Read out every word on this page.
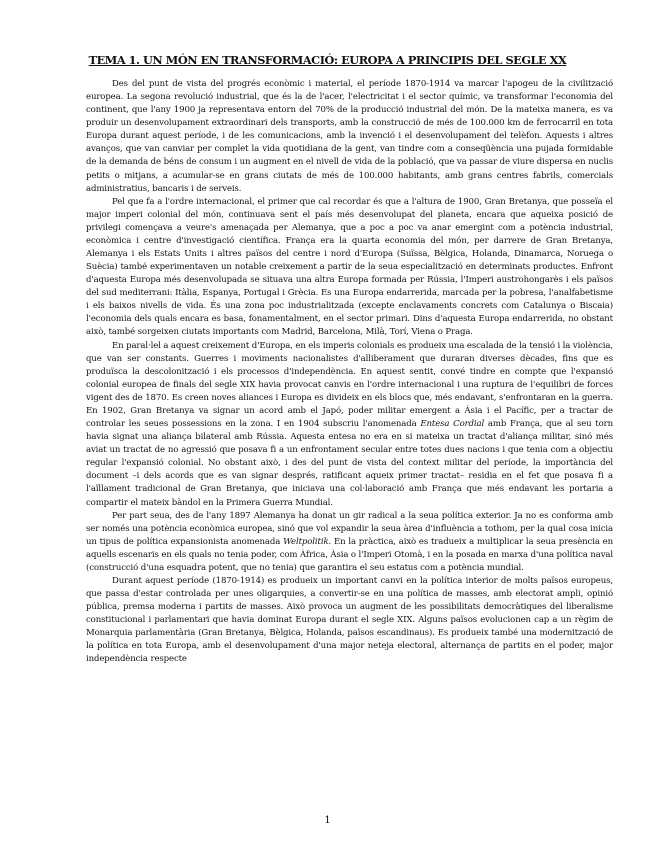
TEMA 1. UN MÓN EN TRANSFORMACIÓ: EUROPA A PRINCIPIS DEL SEGLE XX

Des del punt de vista del progrés econòmic i material, el període 1870-1914 va marcar l'apogeu de la civilització europea. La segona revolució industrial, que és la de l'acer, l'electricitat i el sector químic, va transformar l'economia del continent, que l'any 1900 ja representava entorn del 70% de la producció industrial del món. De la mateixa manera, es va produir un desenvolupament extraordinari dels transports, amb la construcció de més de 100.000 km de ferrocarril en tota Europa durant aquest període, i de les comunicacions, amb la invenció i el desenvolupament del telèfon. Aquests i altres avanços, que van canviar per complet la vida quotidiana de la gent, van tindre com a conseqüència una pujada formidable de la demanda de béns de consum i un augment en el nivell de vida de la població, que va passar de viure dispersa en nuclis petits o mitjans, a acumular-se en grans ciutats de més de 100.000 habitants, amb grans centres fabrils, comercials administratius, bancaris i de serveis.

Pel que fa a l'ordre internacional, el primer que cal recordar és que a l'altura de 1900, Gran Bretanya, que posseïa el major imperi colonial del món, continuava sent el país més desenvolupat del planeta, encara que aqueixa posició de privilegi començava a veure's amenaçada per Alemanya, que a poc a poc va anar emergint com a potència industrial, econòmica i centre d'investigació científica. França era la quarta economia del món, per darrere de Gran Bretanya, Alemanya i els Estats Units i altres països del centre i nord d'Europa (Suïssa, Bèlgica, Holanda, Dinamarca, Noruega o Suècia) també experimentaven un notable creixement a partir de la seua especialització en determinats productes. Enfront d'aquesta Europa més desenvolupada se situava una altra Europa formada per Rússia, l'Imperi austrohongarès i els països del sud mediterrani: Itàlia, Espanya, Portugal i Grècia. Es una Europa endarrerida, marcada per la pobresa, l'analfabetisme i els baixos nivells de vida. És una zona poc industrialitzada (excepte enclavaments concrets com Catalunya o Biscaia) l'economia dels quals encara es basa, fonamentalment, en el sector primari. Dins d'aquesta Europa endarrerida, no obstant això, també sorgeixen ciutats importants com Madrid, Barcelona, Milà, Torí, Viena o Praga.

En paral·lel a aquest creixement d'Europa, en els imperis colonials es produeix una escalada de la tensió i la violència, que van ser constants. Guerres i moviments nacionalistes d'alliberament que duraran diverses dècades, fins que es produïsca la descolonització i els processos d'independència. En aquest sentit, convé tindre en compte que l'expansió colonial europea de finals del segle XIX havia provocat canvis en l'ordre internacional i una ruptura de l'equilibri de forces vigent des de 1870. Es creen noves aliances i Europa es divideix en els blocs que, més endavant, s'enfrontaran en la guerra. En 1902, Gran Bretanya va signar un acord amb el Japó, poder militar emergent a Àsia i el Pacífic, per a tractar de controlar les seues possessions en la zona. I en 1904 subscriu l'anomenada Entesa Cordial amb França, que al seu torn havia signat una aliança bilateral amb Rússia. Aquesta entesa no era en si mateixa un tractat d'aliança militar, sinó més aviat un tractat de no agressió que posava fi a un enfrontament secular entre totes dues nacions i que tenia com a objectiu regular l'expansió colonial. No obstant això, i des del punt de vista del context militar del període, la importància del document –i dels acords que es van signar després, ratificant aqueix primer tractat– residia en el fet que posava fi a l'aïllament tradicional de Gran Bretanya, que iniciava una col·laboració amb França que més endavant les portaria a compartir el mateix bàndol en la Primera Guerra Mundial.

Per part seua, des de l'any 1897 Alemanya ha donat un gir radical a la seua política exterior. Ja no es conforma amb ser només una potència econòmica europea, sinó que vol expandir la seua àrea d'influència a tothom, per la qual cosa inicia un tipus de política expansionista anomenada Weltpolitik. En la pràctica, això es tradueix a multiplicar la seua presència en aquells escenaris en els quals no tenia poder, com Àfrica, Àsia o l'Imperi Otomà, i en la posada en marxa d'una política naval (construcció d'una esquadra potent, que no tenia) que garantira el seu estatus com a potència mundial.

Durant aquest període (1870-1914) es produeix un important canvi en la política interior de molts països europeus, que passa d'estar controlada per unes oligarquies, a convertir-se en una política de masses, amb electorat ampli, opinió pública, premsa moderna i partits de masses. Això provoca un augment de les possibilitats democràtiques del liberalisme constitucional i parlamentari que havia dominat Europa durant el segle XIX. Alguns països evolucionen cap a un règim de Monarquia parlamentària (Gran Bretanya, Bèlgica, Holanda, països escandinaus). Es produeix també una modernització de la política en tota Europa, amb el desenvolupament d'una major neteja electoral, alternança de partits en el poder, major independència respecte

1
